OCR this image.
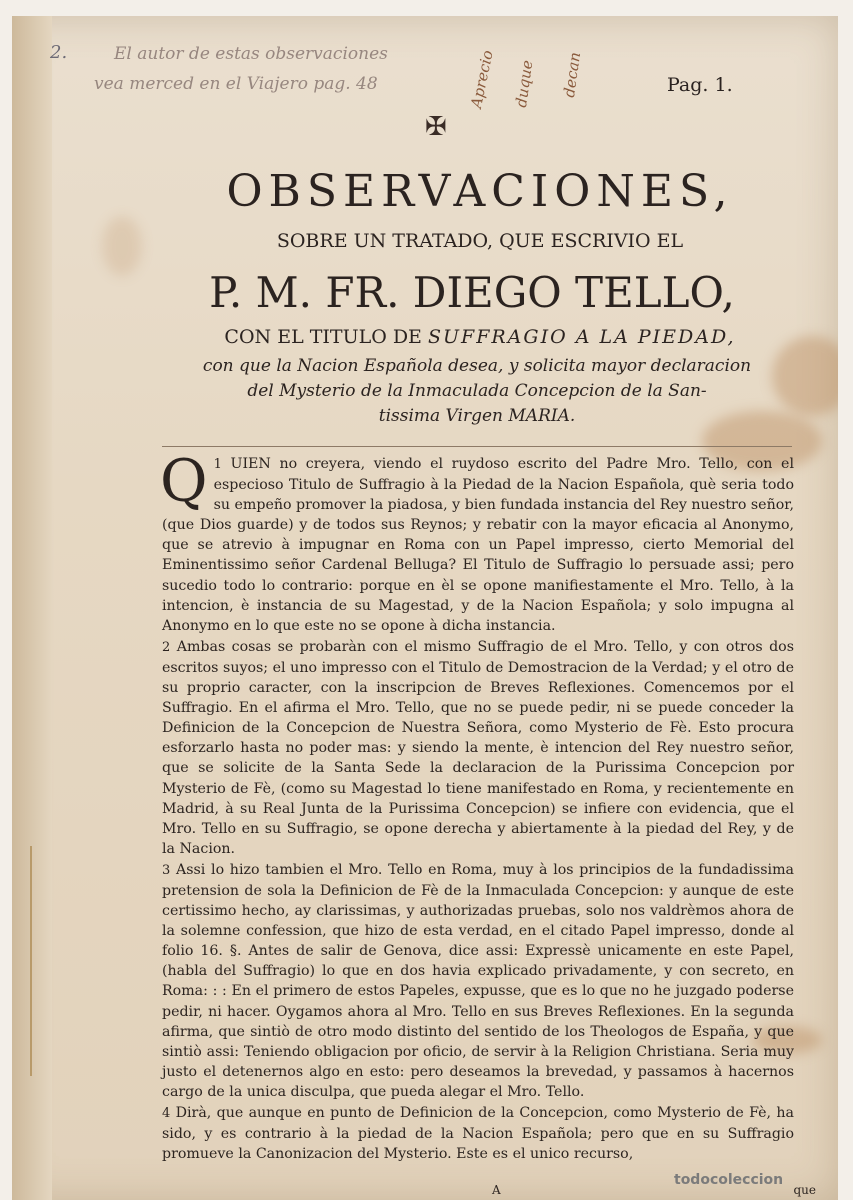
2.	El autor de estas observaciones
vea merced en el Viajero pag. 48	Aprecio duque decan	Pag. 1.
✠
OBSERVACIONES,
SOBRE UN TRATADO, QUE ESCRIVIO EL
P. M. FR. DIEGO TELLO,
CON EL TITULO DE SUFFRAGIO A LA PIEDAD,
con que la Nacion Española desea, y solicita mayor declaracion
del Mysterio de la Inmaculada Concepcion de la San-
tissima Virgen MARIA.

1
Q UIEN no creyera, viendo el ruydoso escrito del Padre Mro. Tello, con el especioso Titulo de Suffragio à la Piedad de la Nacion Española, què seria todo su empeño promover la piadosa, y bien fundada instancia del Rey nuestro señor, (que Dios guarde) y de todos sus Reynos; y rebatir con la mayor eficacia al Anonymo, que se atrevio à impugnar en Roma con un Papel impresso, cierto Memorial del Eminentissimo señor Cardenal Belluga? El Titulo de Suffragio lo persuade assi; pero sucedio todo lo contrario: porque en èl se opone manifiestamente el Mro. Tello, à la intencion, è instancia de su Magestad, y de la Nacion Española; y solo impugna al Anonymo en lo que este no se opone à dicha instancia.

2 Ambas cosas se probaràn con el mismo Suffragio de el Mro. Tello, y con otros dos escritos suyos; el uno impresso con el Titulo de Demostracion de la Verdad; y el otro de su proprio caracter, con la inscripcion de Breves Reflexiones. Comencemos por el Suffragio. En el afirma el Mro. Tello, que no se puede pedir, ni se puede conceder la Definicion de la Concepcion de Nuestra Señora, como Mysterio de Fè. Esto procura esforzarlo hasta no poder mas: y siendo la mente, è intencion del Rey nuestro señor, que se solicite de la Santa Sede la declaracion de la Purissima Concepcion por Mysterio de Fè, (como su Magestad lo tiene manifestado en Roma, y recientemente en Madrid, à su Real Junta de la Purissima Concepcion) se infiere con evidencia, que el Mro. Tello en su Suffragio, se opone derecha y abiertamente à la piedad del Rey, y de la Nacion.

3 Assi lo hizo tambien el Mro. Tello en Roma, muy à los principios de la fundadissima pretension de sola la Definicion de Fè de la Inmaculada Concepcion: y aunque de este certissimo hecho, ay clarissimas, y authorizadas pruebas, solo nos valdrèmos ahora de la solemne confession, que hizo de esta verdad, en el citado Papel impresso, donde al folio 16. §. Antes de salir de Genova, dice assi: Expressè unicamente en este Papel, (habla del Suffragio) lo que en dos havia explicado privadamente, y con secreto, en Roma: : : En el primero de estos Papeles, expusse, que es lo que no he juzgado poderse pedir, ni hacer. Oygamos ahora al Mro. Tello en sus Breves Reflexiones. En la segunda afirma, que sintiò de otro modo distinto del sentido de los Theologos de España, y que sintiò assi: Teniendo obligacion por oficio, de servir à la Religion Christiana. Seria muy justo el detenernos algo en esto: pero deseamos la brevedad, y passamos à hacernos cargo de la unica disculpa, que pueda alegar el Mro. Tello.

4 Dirà, que aunque en punto de Definicion de la Concepcion, como Mysterio de Fè, ha sido, y es contrario à la piedad de la Nacion Española; pero que en su Suffragio promueve la Canonizacion del Mysterio. Este es el unico recurso,

A	que
todocoleccion
